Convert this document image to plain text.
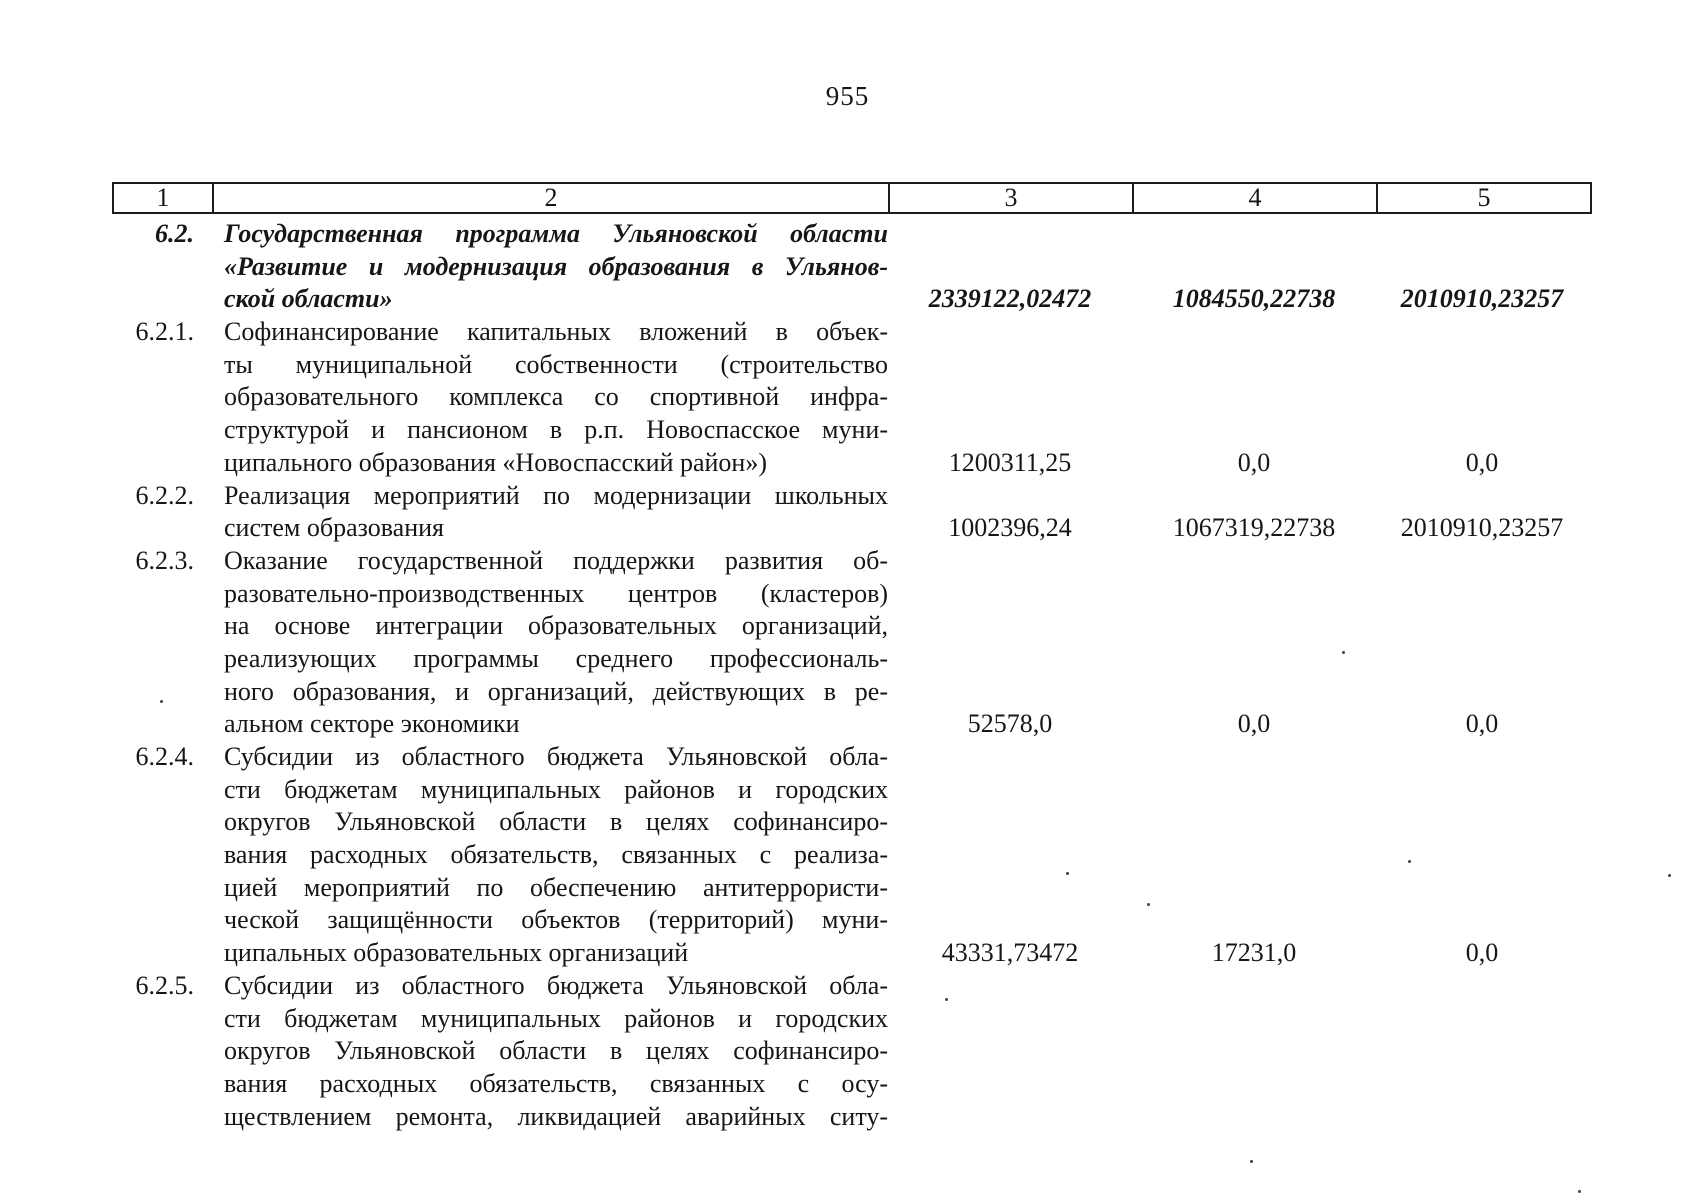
955
1	2	3	4	5
6.2.	Государственная программа Ульяновской области
«Развитие и модернизация образования в Ульянов-
ской области»	2339122,02472	1084550,22738	2010910,23257
6.2.1.	Софинансирование капитальных вложений в объек-
ты муниципальной собственности (строительство
образовательного комплекса со спортивной инфра-
структурой и пансионом в р.п. Новоспасское муни-
ципального образования «Новоспасский район»)	1200311,25	0,0	0,0
6.2.2.	Реализация мероприятий по модернизации школьных
систем образования	1002396,24	1067319,22738	2010910,23257
6.2.3.	Оказание государственной поддержки развития об-
разовательно-производственных центров (кластеров)
на основе интеграции образовательных организаций,
реализующих программы среднего профессиональ-
ного образования, и организаций, действующих в ре-
альном секторе экономики	52578,0	0,0	0,0
6.2.4.	Субсидии из областного бюджета Ульяновской обла-
сти бюджетам муниципальных районов и городских
округов Ульяновской области в целях софинансиро-
вания расходных обязательств, связанных с реализа-
цией мероприятий по обеспечению антитеррористи-
ческой защищённости объектов (территорий) муни-
ципальных образовательных организаций	43331,73472	17231,0	0,0
6.2.5.	Субсидии из областного бюджета Ульяновской обла-
сти бюджетам муниципальных районов и городских
округов Ульяновской области в целях софинансиро-
вания расходных обязательств, связанных с осу-
ществлением ремонта, ликвидацией аварийных ситу-
